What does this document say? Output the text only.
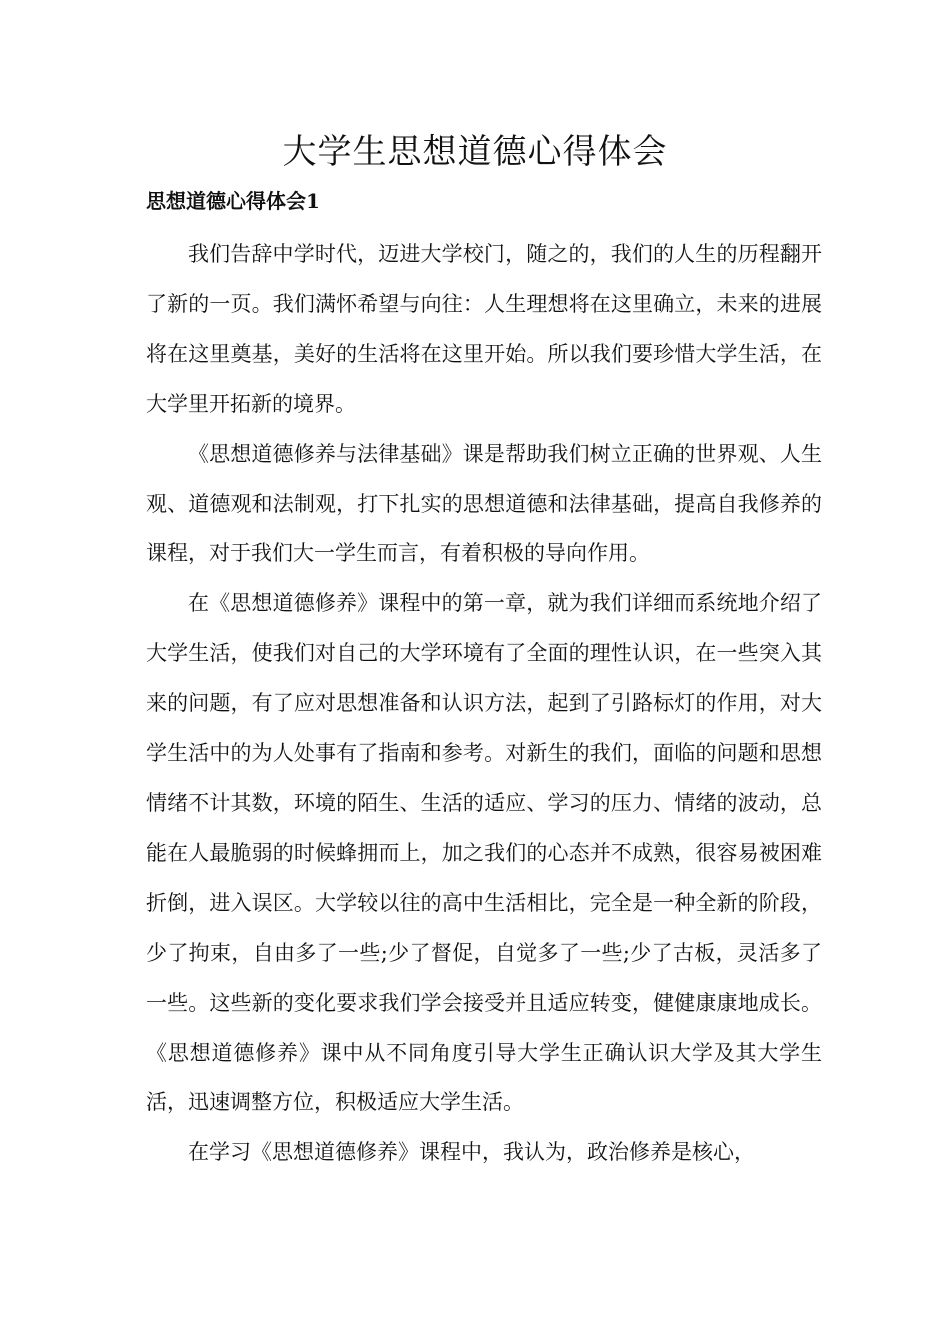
大学生思想道德心得体会
思想道德心得体会1

我们告辞中学时代，迈进大学校门，随之的，我们的人生的历程翻开了新的一页。我们满怀希望与向往：人生理想将在这里确立，未来的进展将在这里奠基，美好的生活将在这里开始。所以我们要珍惜大学生活，在大学里开拓新的境界。

《思想道德修养与法律基础》课是帮助我们树立正确的世界观、人生观、道德观和法制观，打下扎实的思想道德和法律基础，提高自我修养的课程，对于我们大一学生而言，有着积极的导向作用。

在《思想道德修养》课程中的第一章，就为我们详细而系统地介绍了大学生活，使我们对自己的大学环境有了全面的理性认识，在一些突入其来的问题，有了应对思想准备和认识方法，起到了引路标灯的作用，对大学生活中的为人处事有了指南和参考。对新生的我们，面临的问题和思想情绪不计其数，环境的陌生、生活的适应、学习的压力、情绪的波动，总能在人最脆弱的时候蜂拥而上，加之我们的心态并不成熟，很容易被困难折倒，进入误区。大学较以往的高中生活相比，完全是一种全新的阶段，少了拘束，自由多了一些;少了督促，自觉多了一些;少了古板，灵活多了一些。这些新的变化要求我们学会接受并且适应转变，健健康康地成长。《思想道德修养》课中从不同角度引导大学生正确认识大学及其大学生活，迅速调整方位，积极适应大学生活。

在学习《思想道德修养》课程中，我认为，政治修养是核心，
